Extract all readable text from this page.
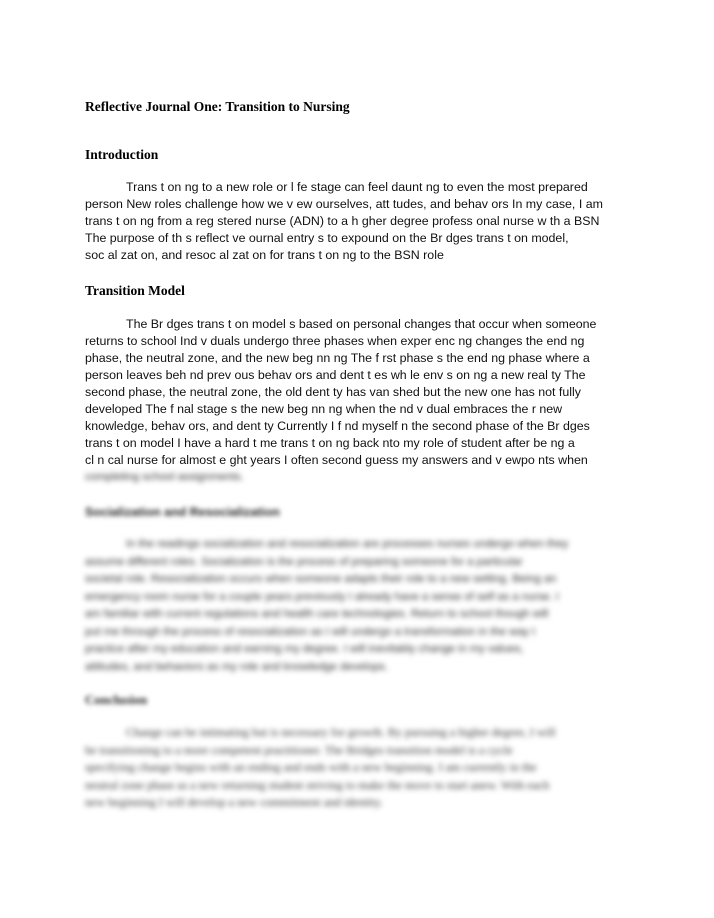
Reflective Journal One: Transition to Nursing
Introduction
Trans t on ng to a new role or l fe stage can feel daunt ng to even the most prepared
person New roles challenge how we v ew ourselves, att tudes, and behav ors In my case, I am
trans t on ng from a reg stered nurse (ADN) to a h gher degree profess onal nurse w th a BSN
The purpose of th s reflect ve ournal entry s to expound on the Br dges trans t on model,
soc al zat on, and resoc al zat on for trans t on ng to the BSN role
Transition Model
The Br dges trans t on model s based on personal changes that occur when someone
returns to school Ind v duals undergo three phases when exper enc ng changes the end ng
phase, the neutral zone, and the new beg nn ng The f rst phase s the end ng phase where a
person leaves beh nd prev ous behav ors and dent t es wh le env s on ng a new real ty The
second phase, the neutral zone, the old dent ty has van shed but the new one has not fully
developed The f nal stage s the new beg nn ng when the nd v dual embraces the r new
knowledge, behav ors, and dent ty Currently I f nd myself n the second phase of the Br dges
trans t on model I have a hard t me trans t on ng back nto my role of student after be ng a
cl n cal nurse for almost e ght years I often second guess my answers and v ewpo nts when
completing school assignments.
Socialization and Resocialization
In the readings socialization and resocialization are processes nurses undergo when they
assume different roles. Socialization is the process of preparing someone for a particular
societal role. Resocialization occurs when someone adapts their role to a new setting. Being an
emergency room nurse for a couple years previously I already have a sense of self as a nurse. I
am familiar with current regulations and health care technologies. Return to school though will
put me through the process of resocialization as I will undergo a transformation in the way I
practice after my education and earning my degree. I will inevitably change in my values,
attitudes, and behaviors as my role and knowledge develops.
Conclusion
Change can be intimating but is necessary for growth. By pursuing a higher degree, I will
be transitioning to a more competent practitioner. The Bridges transition model is a cycle
specifying change begins with an ending and ends with a new beginning. I am currently in the
neutral zone phase as a new returning student striving to make the move to start anew. With each
new beginning I will develop a new commitment and identity.
